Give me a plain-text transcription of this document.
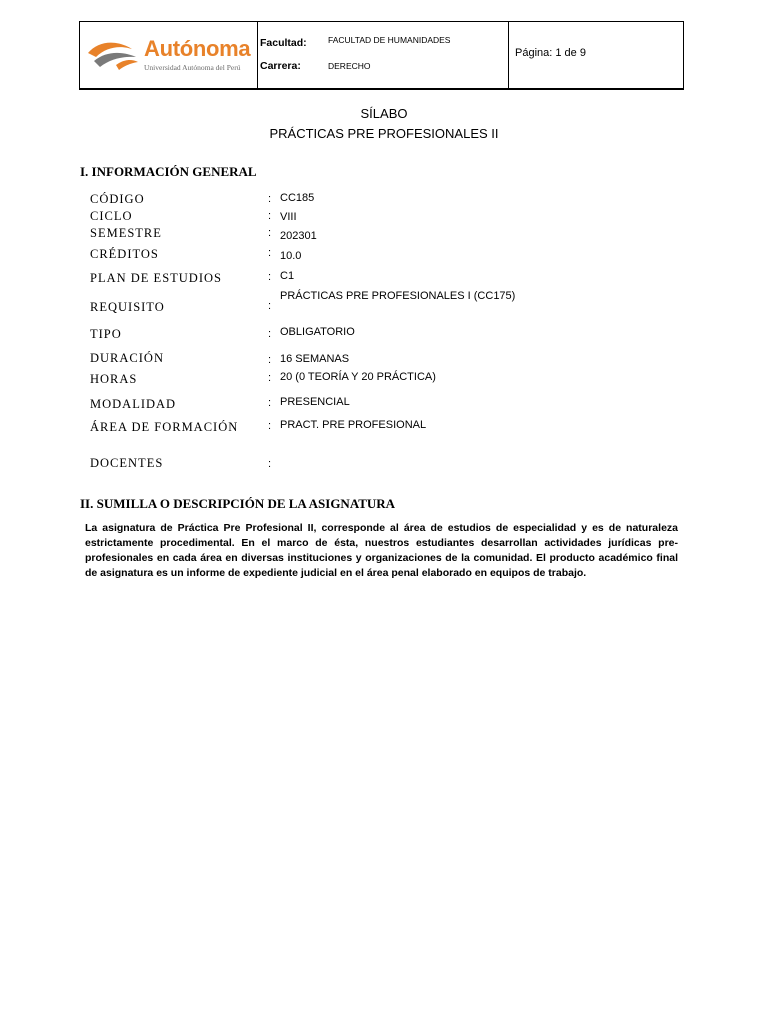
Autónoma
Universidad Autónoma del Perú
Facultad:	FACULTAD DE HUMANIDADES
Carrera:	DERECHO
Página: 1 de 9
SÍLABO
PRÁCTICAS PRE PROFESIONALES II
I. INFORMACIÓN GENERAL
CÓDIGO	: CC185
CICLO	: VIII
SEMESTRE	: 202301
CRÉDITOS	: 10.0
PLAN DE ESTUDIOS	: C1
REQUISITO	:
PRÁCTICAS PRE PROFESIONALES I (CC175)
TIPO	: OBLIGATORIO
DURACIÓN	: 16 SEMANAS
HORAS	: 20 (0 TEORÍA Y 20 PRÁCTICA)
MODALIDAD	: PRESENCIAL
ÁREA DE FORMACIÓN	: PRACT. PRE PROFESIONAL
DOCENTES	:
II. SUMILLA O DESCRIPCIÓN DE LA ASIGNATURA
La asignatura de Práctica Pre Profesional II, corresponde al área de estudios de especialidad y es de naturaleza estrictamente procedimental. En el marco de ésta, nuestros estudiantes desarrollan actividades jurídicas pre-profesionales en cada área en diversas instituciones y organizaciones de la comunidad. El producto académico final de asignatura es un informe de expediente judicial en el área penal elaborado en equipos de trabajo.
